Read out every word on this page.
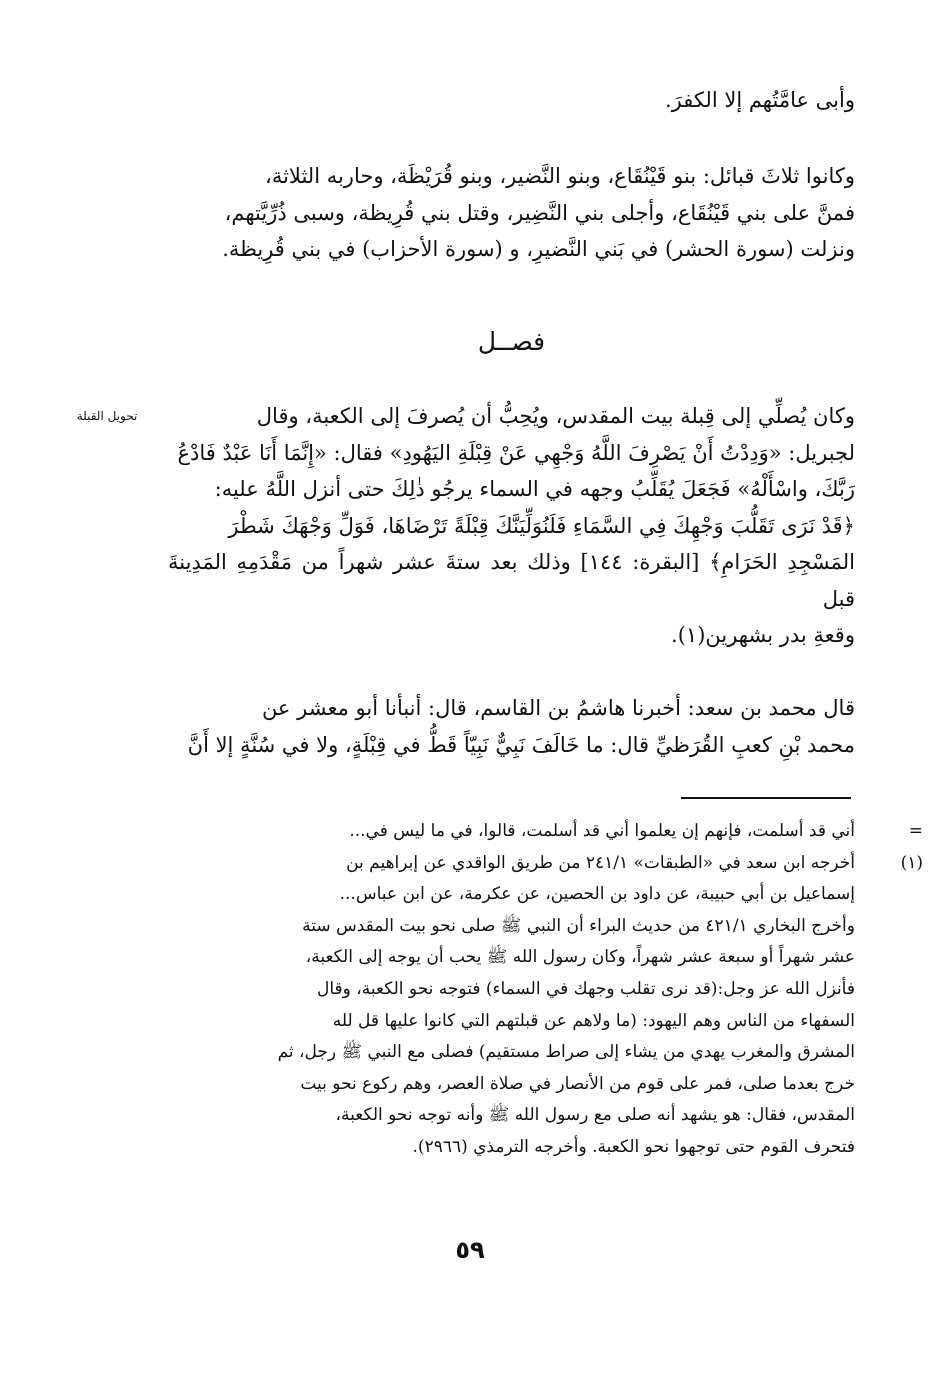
وأبى عامَّتُهم إلا الكفرَ.

وكانوا ثلاثَ قبائل: بنو قَيْنُقَاع، وبنو النَّضير، وبنو قُرَيْظَة، وحاربه الثلاثة،

فمنَّ على بني قَيْنُقَاع، وأجلى بني النَّضِير، وقتل بني قُرِيظة، وسبى ذُرِّيَّتهم،

ونزلت (سورة الحشر) في بَني النَّضيرِ، و (سورة الأحزاب) في بني قُرِيظة.

فصــل
تحويل القبلة	وكان يُصلِّي إلى قِبلة بيت المقدس، ويُحِبُّ أن يُصرفَ إلى الكعبة، وقال

لجبريل: «وَدِدْتُ أَنْ يَصْرِفَ اللَّهُ وَجْهِي عَنْ قِبْلَةِ اليَهُودِ» فقال: «إِنَّمَا أَنَا عَبْدٌ فَادْعُ

رَبَّكَ، واسْأَلْهُ» فَجَعَلَ يُقَلِّبُ وجهه في السماء يرجُو ذٰلِكَ حتى أنزل اللَّهُ عليه:

﴿قَدْ نَرَى تَقَلُّبَ وَجْهِكَ فِي السَّمَاءِ فَلَنُوَلِّيَنَّكَ قِبْلَةً تَرْضَاهَا، فَوَلِّ وَجْهَكَ شَطْرَ

المَسْجِدِ الحَرَامِ﴾ [البقرة: ١٤٤] وذلك بعد ستةَ عشر شهراً من مَقْدَمِهِ المَدِينةَ قبل

وقعةِ بدر بشهرين(١).

قال محمد بن سعد: أخبرنا هاشمُ بن القاسم، قال: أنبأنا أبو معشر عن

محمد بْنِ كعبِ القُرَظيِّ قال: ما خَالَفَ نَبِيٌّ نَبِيّاً قَطُّ في قِبْلَةٍ، ولا في سُنَّةٍ إلا أَنَّ

=
أني قد أسلمت، فإنهم إن يعلموا أني قد أسلمت، قالوا، في ما ليس في...
(١)
أخرجه ابن سعد في «الطبقات» ٢٤١/١ من طريق الواقدي عن إبراهيم بن
إسماعيل بن أبي حبيبة، عن داود بن الحصين، عن عكرمة، عن ابن عباس...
وأخرج البخاري ٤٢١/١ من حديث البراء أن النبي ﷺ صلى نحو بيت المقدس ستة
عشر شهراً أو سبعة عشر شهراً، وكان رسول الله ﷺ يحب أن يوجه إلى الكعبة،
فأنزل الله عز وجل:(قد نرى تقلب وجهك في السماء) فتوجه نحو الكعبة، وقال
السفهاء من الناس وهم اليهود: (ما ولاهم عن قبلتهم التي كانوا عليها قل لله
المشرق والمغرب يهدي من يشاء إلى صراط مستقيم) فصلى مع النبي ﷺ رجل، ثم
خرج بعدما صلى، فمر على قوم من الأنصار في صلاة العصر، وهم ركوع نحو بيت
المقدس، فقال: هو يشهد أنه صلى مع رسول الله ﷺ وأنه توجه نحو الكعبة،
فتحرف القوم حتى توجهوا نحو الكعبة. وأخرجه الترمذي (٢٩٦٦).
٥٩
